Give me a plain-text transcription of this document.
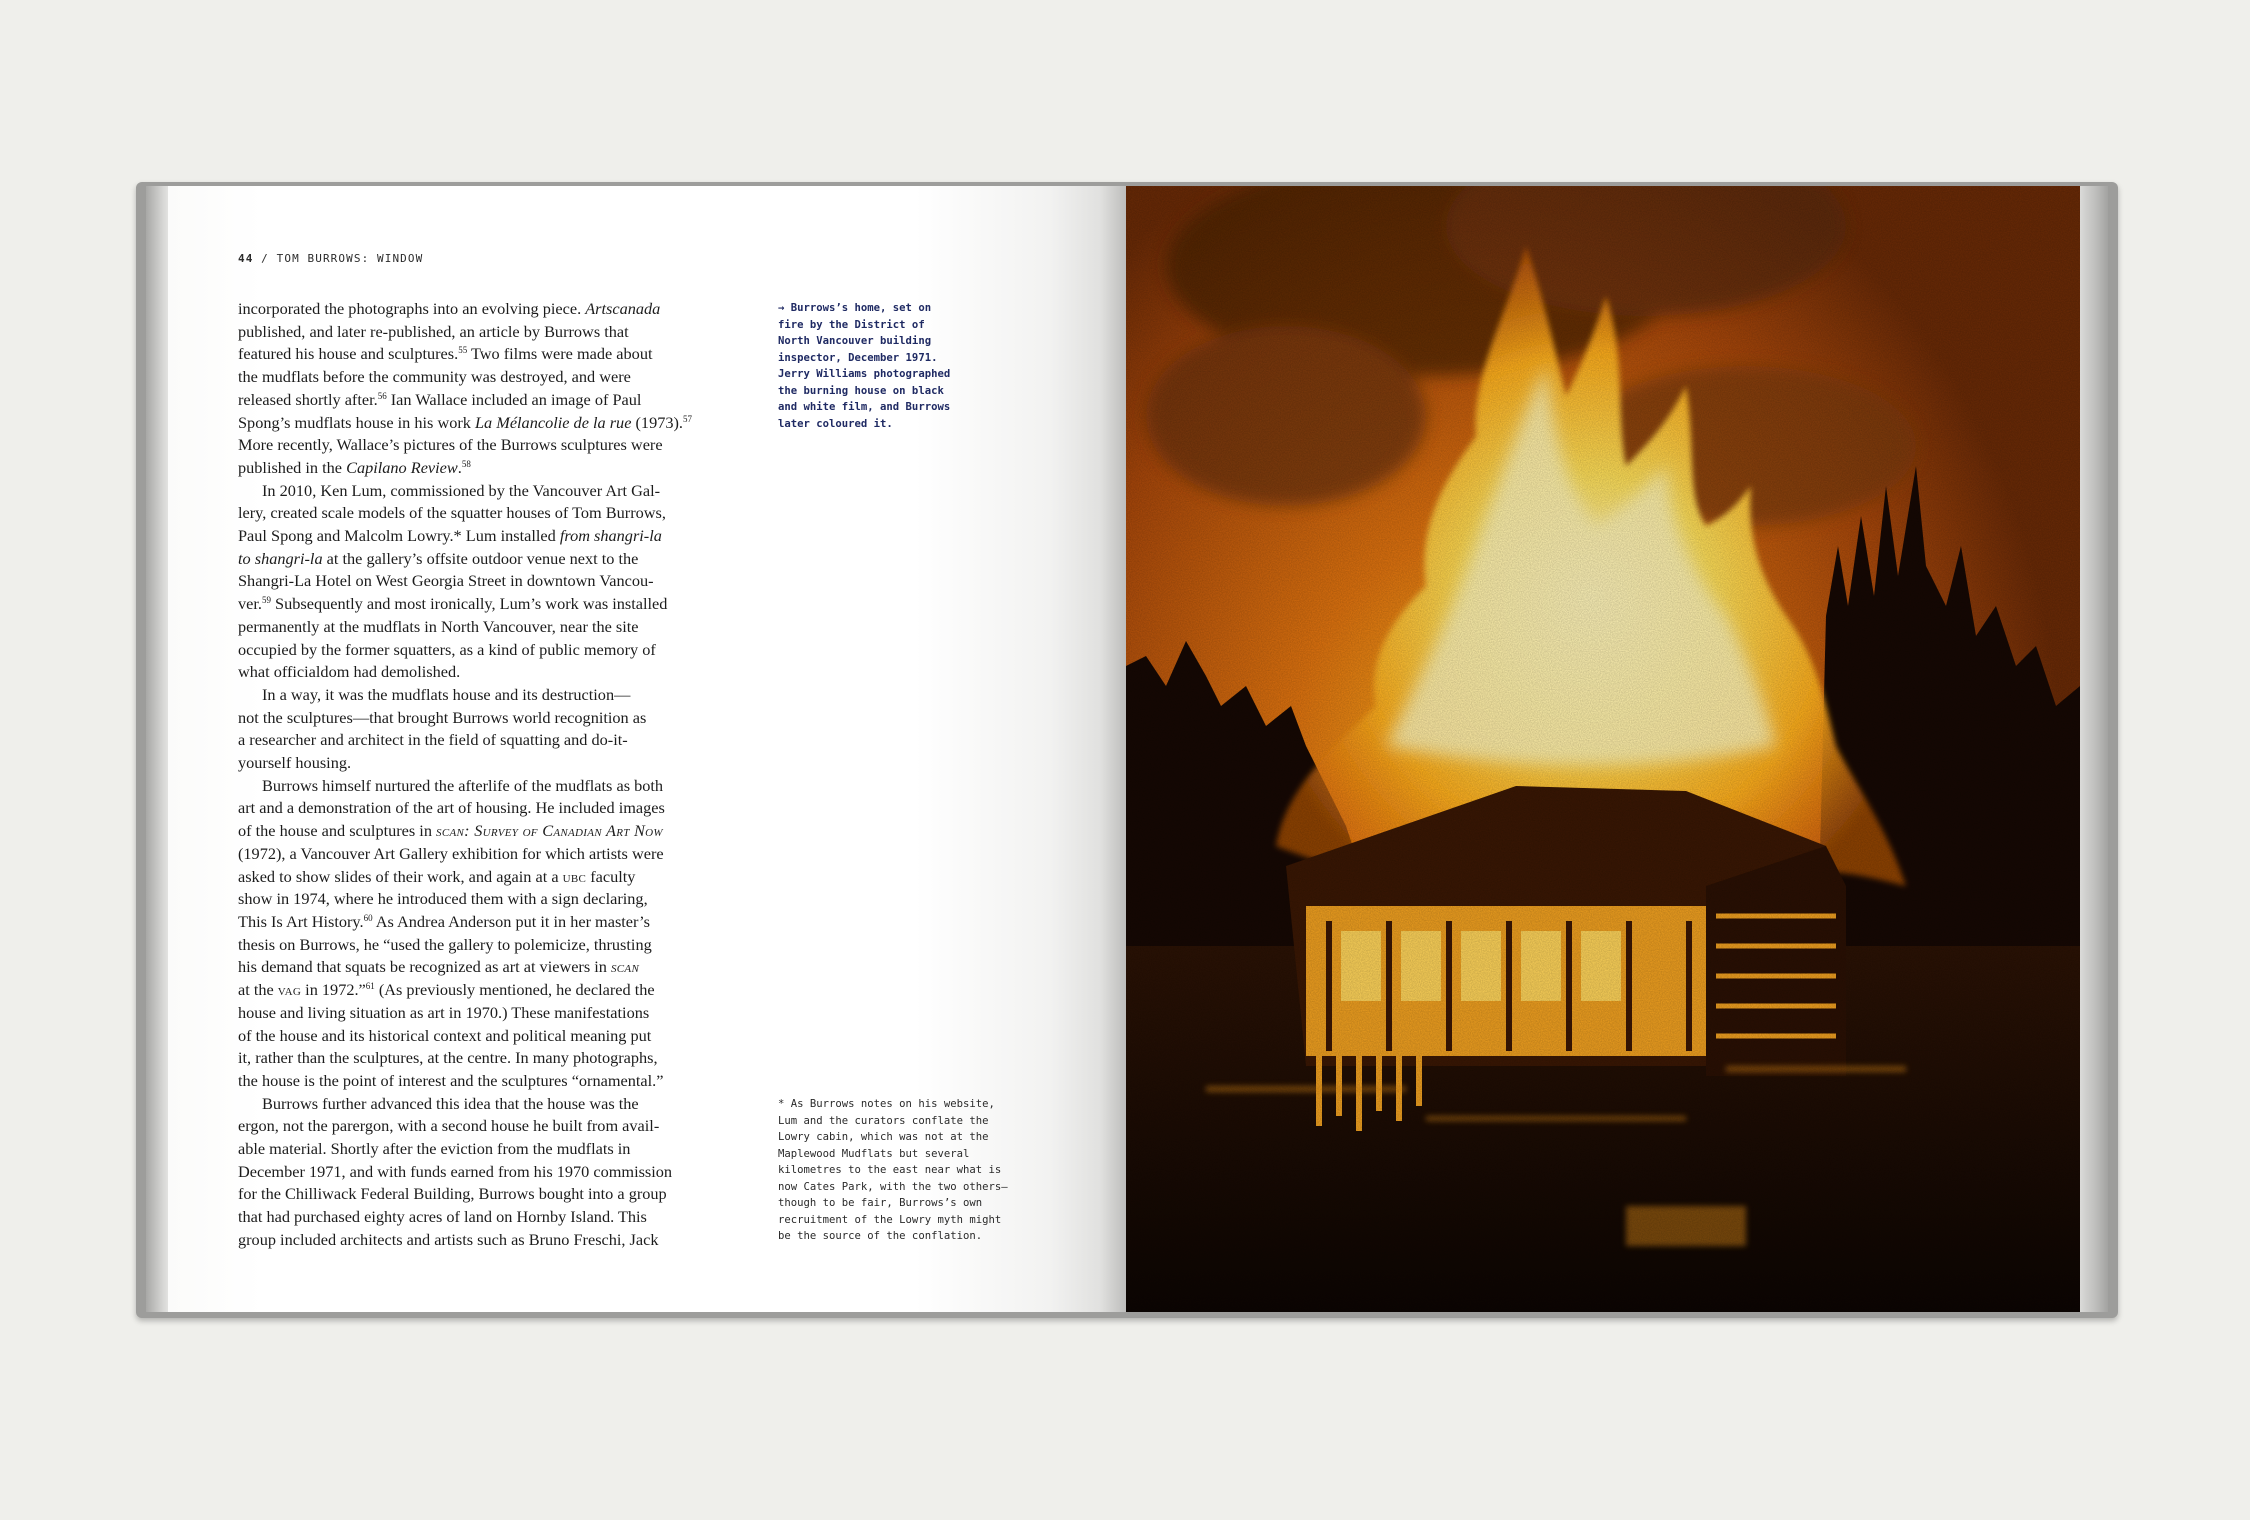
44 / TOM BURROWS: WINDOW
incorporated the photographs into an evolving piece. Artscanada
published, and later re-published, an article by Burrows that
featured his house and sculptures.$^{55}$ Two films were made about
the mudflats before the community was destroyed, and were
released shortly after.$^{56}$ Ian Wallace included an image of Paul
Spong’s mudflats house in his work La Mélancolie de la rue (1973).$^{57}$
More recently, Wallace’s pictures of the Burrows sculptures were
published in the Capilano Review.$^{58}$
In 2010, Ken Lum, commissioned by the Vancouver Art Gal-
lery, created scale models of the squatter houses of Tom Burrows,
Paul Spong and Malcolm Lowry.* Lum installed from shangri-la
to shangri-la at the gallery’s offsite outdoor venue next to the
Shangri-La Hotel on West Georgia Street in downtown Vancou-
ver.$^{59}$ Subsequently and most ironically, Lum’s work was installed
permanently at the mudflats in North Vancouver, near the site
occupied by the former squatters, as a kind of public memory of
what officialdom had demolished.
In a way, it was the mudflats house and its destruction—
not the sculptures—that brought Burrows world recognition as
a researcher and architect in the field of squatting and do-it-
yourself housing.
Burrows himself nurtured the afterlife of the mudflats as both
art and a demonstration of the art of housing. He included images
of the house and sculptures in scan: Survey of Canadian Art Now
(1972), a Vancouver Art Gallery exhibition for which artists were
asked to show slides of their work, and again at a ubc faculty
show in 1974, where he introduced them with a sign declaring,
This Is Art History.$^{60}$ As Andrea Anderson put it in her master’s
thesis on Burrows, he “used the gallery to polemicize, thrusting
his demand that squats be recognized as art at viewers in scan
at the vag in 1972.”$^{61}$ (As previously mentioned, he declared the
house and living situation as art in 1970.) These manifestations
of the house and its historical context and political meaning put
it, rather than the sculptures, at the centre. In many photographs,
the house is the point of interest and the sculptures “ornamental.”
Burrows further advanced this idea that the house was the
ergon, not the parergon, with a second house he built from avail-
able material. Shortly after the eviction from the mudflats in
December 1971, and with funds earned from his 1970 commission
for the Chilliwack Federal Building, Burrows bought into a group
that had purchased eighty acres of land on Hornby Island. This
group included architects and artists such as Bruno Freschi, Jack
→ Burrows’s home, set on
fire by the District of
North Vancouver building
inspector, December 1971.
Jerry Williams photographed
the burning house on black
and white film, and Burrows
later coloured it.
* As Burrows notes on his website,
Lum and the curators conflate the
Lowry cabin, which was not at the
Maplewood Mudflats but several
kilometres to the east near what is
now Cates Park, with the two others—
though to be fair, Burrows’s own
recruitment of the Lowry myth might
be the source of the conflation.
